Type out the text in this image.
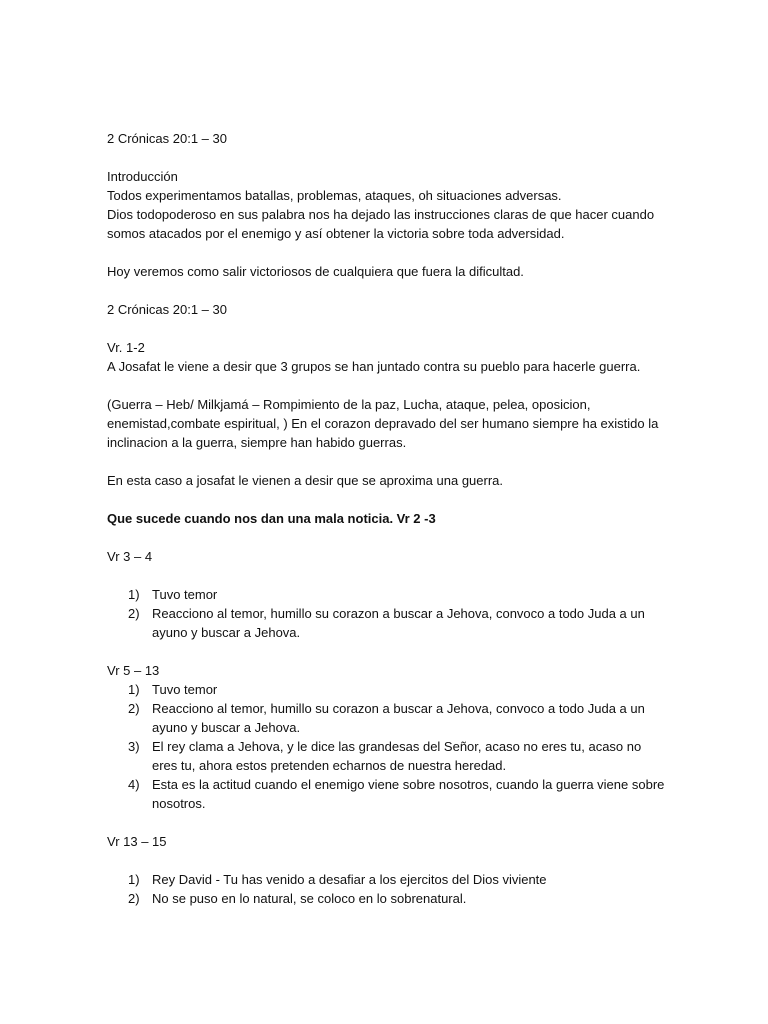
2 Crónicas 20:1 – 30

Introducción

Todos experimentamos batallas, problemas, ataques, oh situaciones adversas.

Dios todopoderoso en sus palabra nos ha dejado las instrucciones claras de que hacer cuando somos atacados por el enemigo y así obtener la victoria sobre toda adversidad.

Hoy veremos como salir victoriosos de cualquiera que fuera la dificultad.

2 Crónicas 20:1 – 30

Vr. 1-2

A Josafat le viene a desir que 3 grupos se han juntado contra su pueblo para hacerle guerra.

(Guerra – Heb/ Milkjamá – Rompimiento de la paz, Lucha, ataque, pelea, oposicion, enemistad,combate espiritual, ) En el corazon depravado del ser humano siempre ha existido la inclinacion a la guerra, siempre han habido guerras.

En esta caso a josafat le vienen a desir que se aproxima una guerra.

Que sucede cuando nos dan una mala noticia. Vr 2 -3

Vr 3 – 4

1) Tuvo temor
2) Reacciono al temor, humillo su corazon a buscar a Jehova, convoco a todo Juda a un ayuno y buscar a Jehova.

Vr 5 – 13

1) Tuvo temor
2) Reacciono al temor, humillo su corazon a buscar a Jehova, convoco a todo Juda a un ayuno y buscar a Jehova.
3) El rey clama a Jehova, y le dice las grandesas del Señor, acaso no eres tu, acaso no eres tu, ahora estos pretenden echarnos de nuestra heredad.
4) Esta es la actitud cuando el enemigo viene sobre nosotros, cuando la guerra viene sobre nosotros.

Vr 13 – 15

1) Rey David - Tu has venido a desafiar a los ejercitos del Dios viviente
2) No se puso en lo natural, se coloco en lo sobrenatural.
